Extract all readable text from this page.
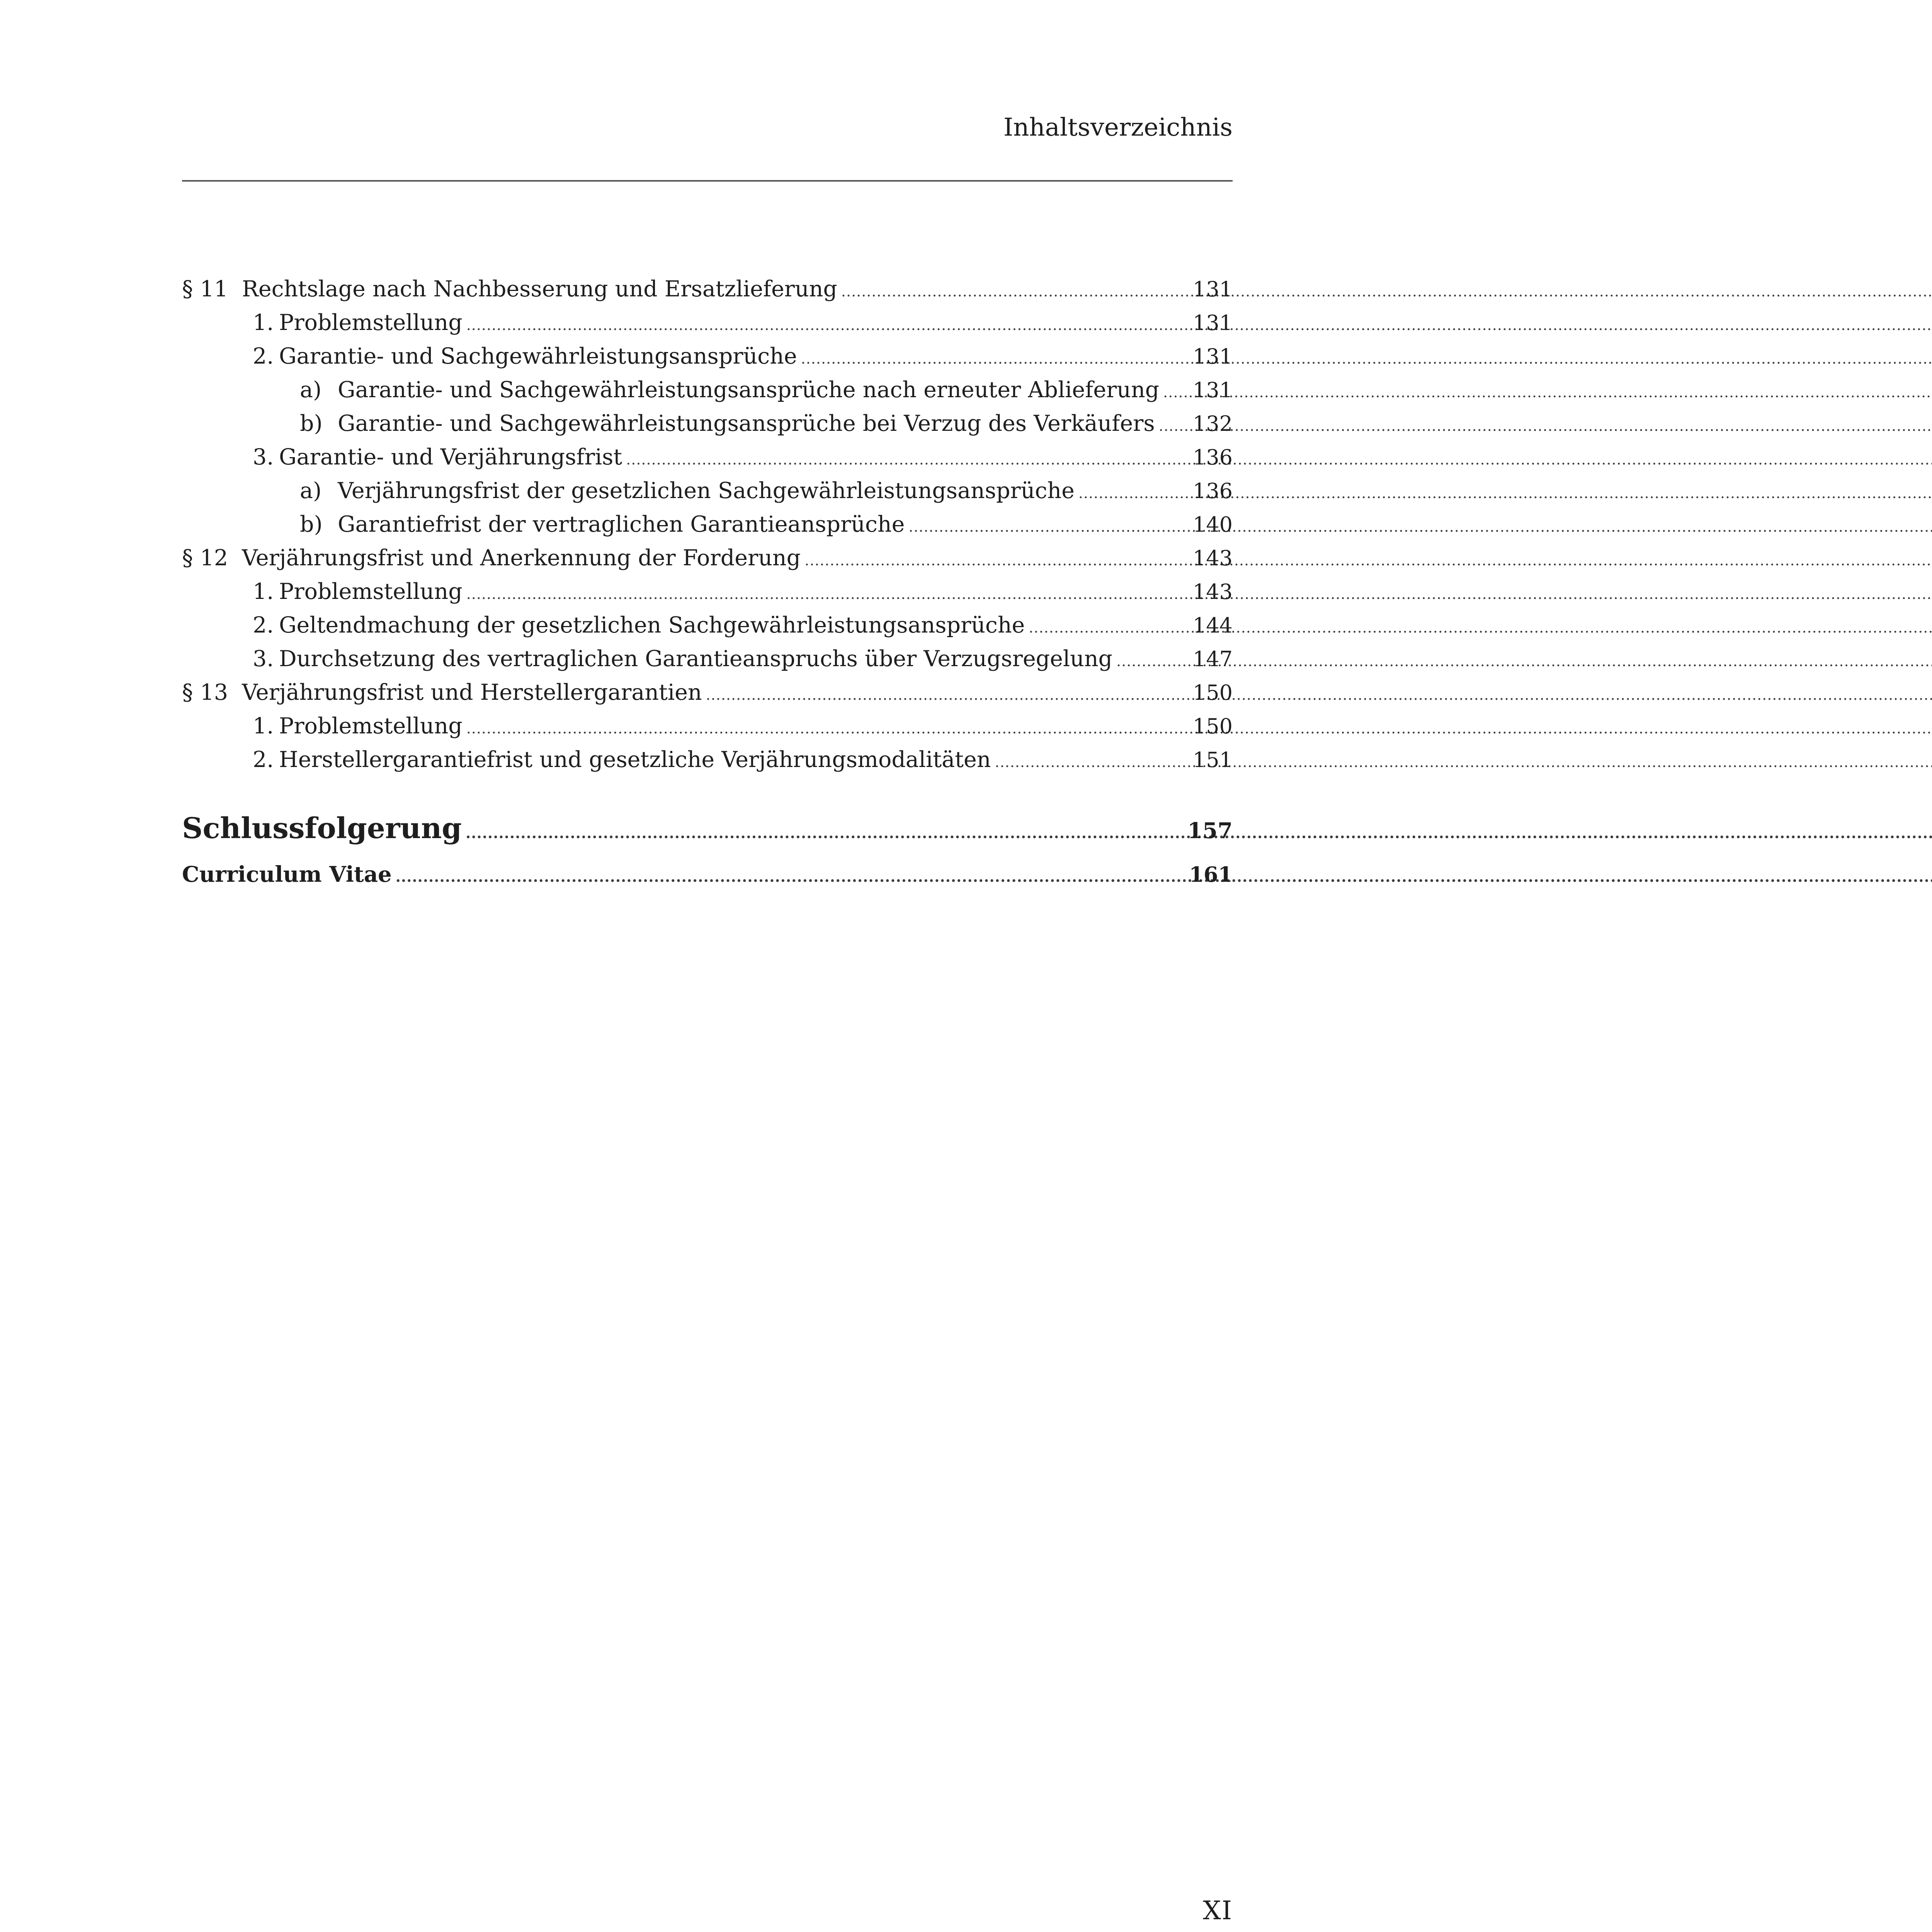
Inhaltsverzeichnis
§ 11 Rechtslage nach Nachbesserung und Ersatzlieferung .....	131
1. Problemstellung .....	131
2. Garantie- und Sachgewährleistungsansprüche .....	131
a) Garantie- und Sachgewährleistungsansprüche nach erneuter Ablieferung ..... 131
b) Garantie- und Sachgewährleistungsansprüche bei Verzug des Verkäufers ..... 132
3. Garantie- und Verjährungsfrist .....	136
a) Verjährungsfrist der gesetzlichen Sachgewährleistungsansprüche .....	136
b) Garantiefrist der vertraglichen Garantieansprüche .....	140
§ 12 Verjährungsfrist und Anerkennung der Forderung .....	143
1. Problemstellung .....	143
2. Geltendmachung der gesetzlichen Sachgewährleistungsansprüche .....	144
3. Durchsetzung des vertraglichen Garantieanspruchs über Verzugsregelung .....	147
§ 13 Verjährungsfrist und Herstellergarantien .....	150
1. Problemstellung .....	150
2. Herstellergarantiefrist und gesetzliche Verjährungsmodalitäten .....	151
Schlussfolgerung .....	157
Curriculum Vitae .....	161
XI
